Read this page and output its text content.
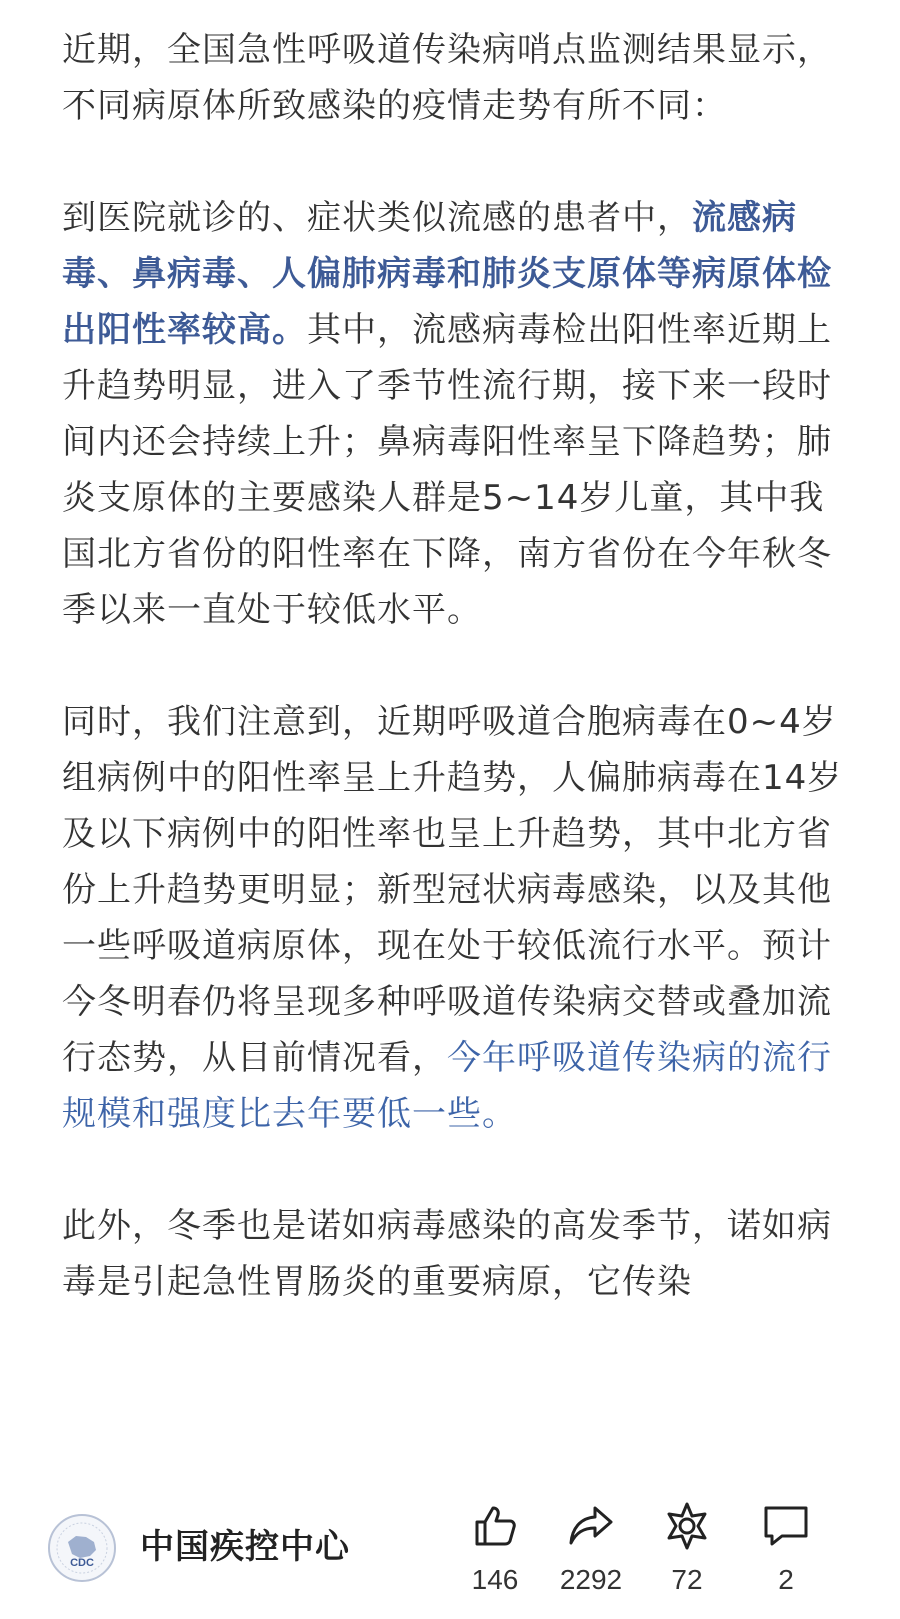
近期，全国急性呼吸道传染病哨点监测结果显示，不同病原体所致感染的疫情走势有所不同：

到医院就诊的、症状类似流感的患者中，流感病毒、鼻病毒、人偏肺病毒和肺炎支原体等病原体检出阳性率较高。其中，流感病毒检出阳性率近期上升趋势明显，进入了季节性流行期，接下来一段时间内还会持续上升；鼻病毒阳性率呈下降趋势；肺炎支原体的主要感染人群是5~14岁儿童，其中我国北方省份的阳性率在下降，南方省份在今年秋冬季以来一直处于较低水平。

同时，我们注意到，近期呼吸道合胞病毒在0~4岁组病例中的阳性率呈上升趋势，人偏肺病毒在14岁及以下病例中的阳性率也呈上升趋势，其中北方省份上升趋势更明显；新型冠状病毒感染，以及其他一些呼吸道病原体，现在处于较低流行水平。预计今冬明春仍将呈现多种呼吸道传染病交替或叠加流行态势，从目前情况看，今年呼吸道传染病的流行规模和强度比去年要低一些。

此外，冬季也是诺如病毒感染的高发季节，诺如病毒是引起急性胃肠炎的重要病原，它传染

CDC 中国疾控中心
146	2292	72	2
